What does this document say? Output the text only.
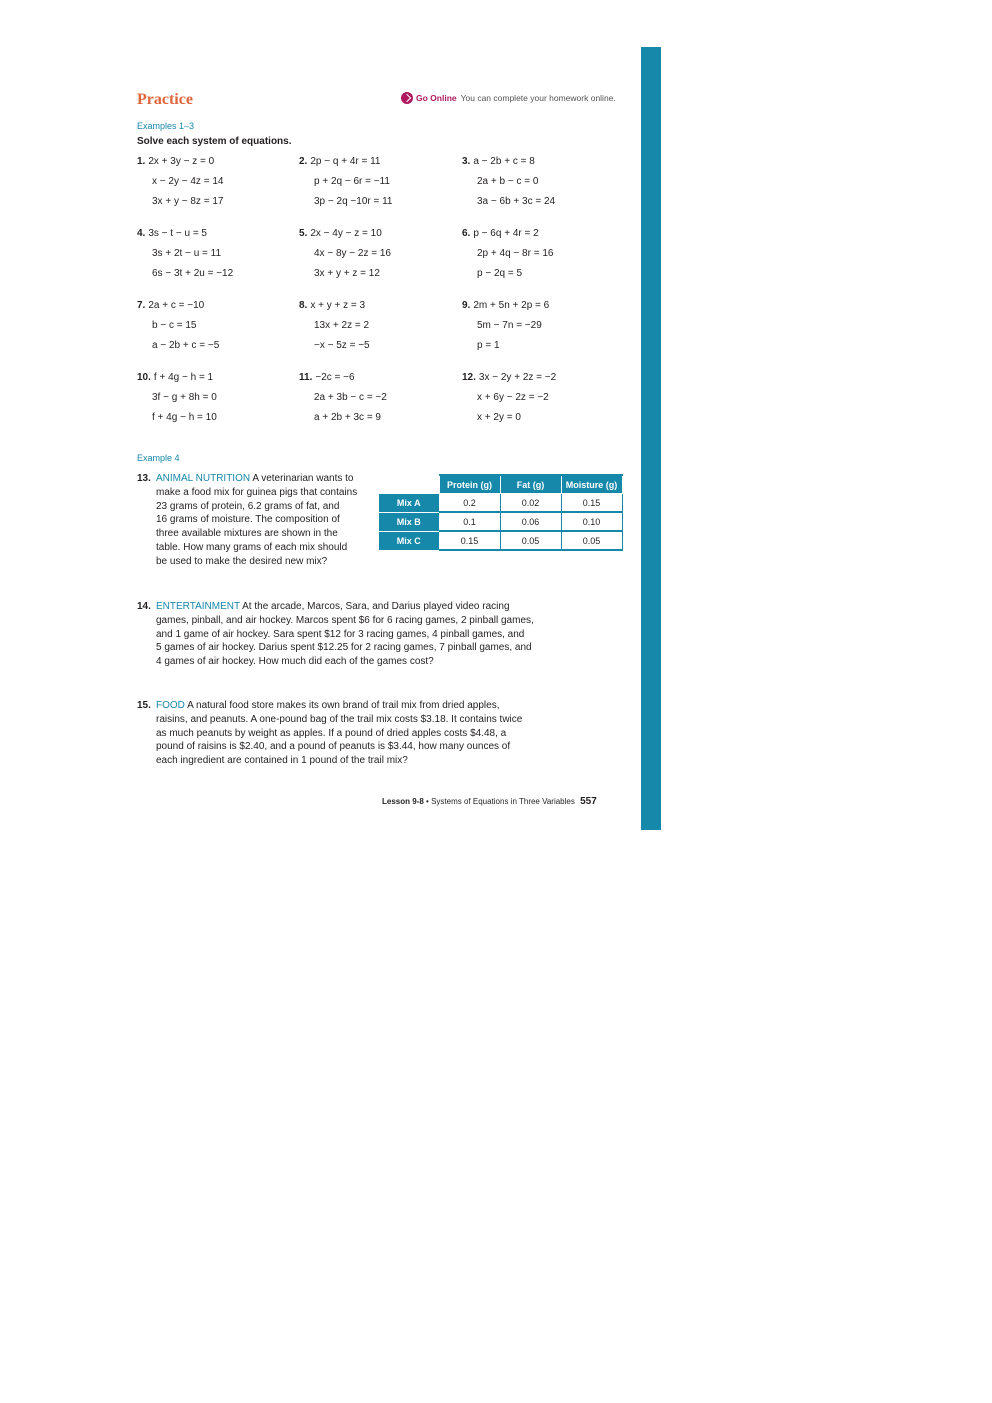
Practice	Go Online You can complete your homework online.
Examples 1–3
Solve each system of equations.
1. 2x + 3y − z = 0
x − 2y − 4z = 14
3x + y − 8z = 17
2. 2p − q + 4r = 11
p + 2q − 6r = −11
3p − 2q −10r = 11
3. a − 2b + c = 8
2a + b − c = 0
3a − 6b + 3c = 24
4. 3s − t − u = 5
3s + 2t − u = 11
6s − 3t + 2u = −12
5. 2x − 4y − z = 10
4x − 8y − 2z = 16
3x + y + z = 12
6. p − 6q + 4r = 2
2p + 4q − 8r = 16
p − 2q = 5
7. 2a + c = −10
b − c = 15
a − 2b + c = −5
8. x + y + z = 3
13x + 2z = 2
−x − 5z = −5
9. 2m + 5n + 2p = 6
5m − 7n = −29
p = 1
10. f + 4g − h = 1
3f − g + 8h = 0
f + 4g − h = 10
11. −2c = −6
2a + 3b − c = −2
a + 2b + 3c = 9
12. 3x − 2y + 2z = −2
x + 6y − 2z = −2
x + 2y = 0
Example 4
13. ANIMAL NUTRITION A veterinarian wants to
make a food mix for guinea pigs that contains
23 grams of protein, 6.2 grams of fat, and
16 grams of moisture. The composition of
three available mixtures are shown in the
table. How many grams of each mix should
be used to make the desired new mix?
	Protein (g)	Fat (g)	Moisture (g)
Mix A	0.2	0.02	0.15
Mix B	0.1	0.06	0.10
Mix C	0.15	0.05	0.05
14. ENTERTAINMENT At the arcade, Marcos, Sara, and Darius played video racing
games, pinball, and air hockey. Marcos spent $6 for 6 racing games, 2 pinball games,
and 1 game of air hockey. Sara spent $12 for 3 racing games, 4 pinball games, and
5 games of air hockey. Darius spent $12.25 for 2 racing games, 7 pinball games, and
4 games of air hockey. How much did each of the games cost?
15. FOOD A natural food store makes its own brand of trail mix from dried apples,
raisins, and peanuts. A one-pound bag of the trail mix costs $3.18. It contains twice
as much peanuts by weight as apples. If a pound of dried apples costs $4.48, a
pound of raisins is $2.40, and a pound of peanuts is $3.44, how many ounces of
each ingredient are contained in 1 pound of the trail mix?
Lesson 9-8 • Systems of Equations in Three Variables 557
